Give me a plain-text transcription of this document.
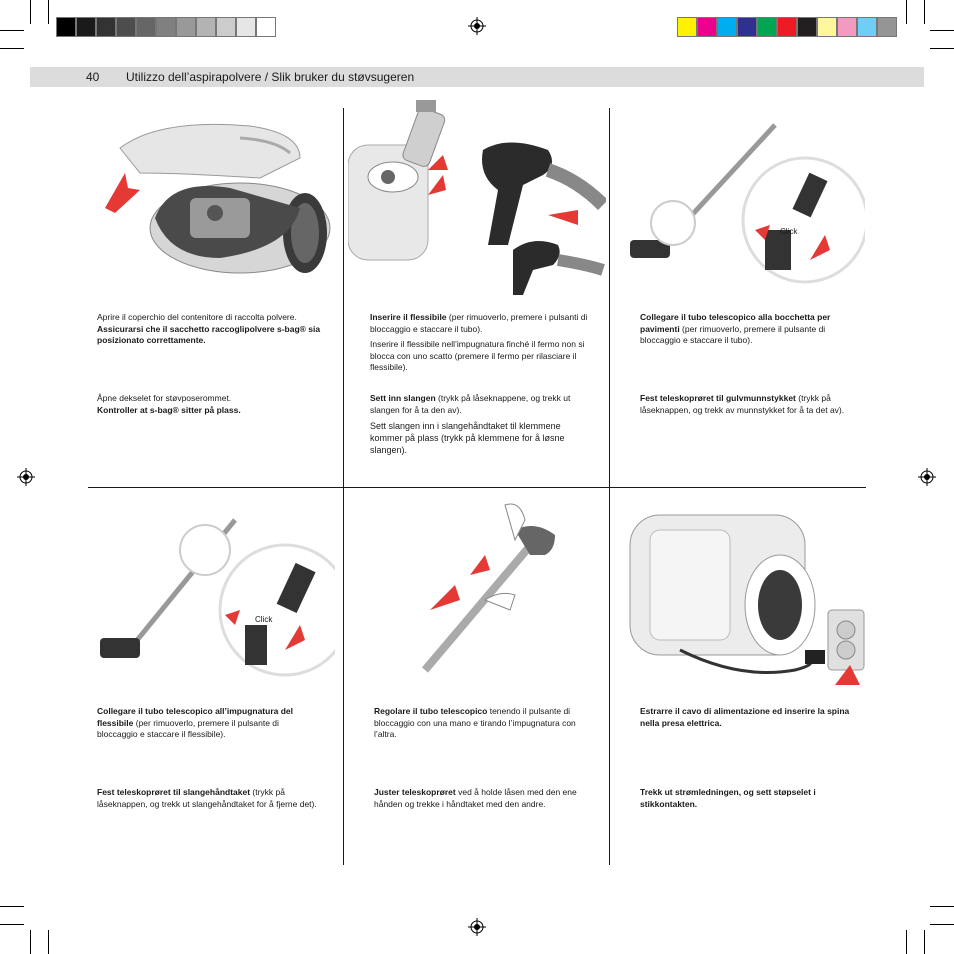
40 Utilizzo dell’aspirapolvere / Slik bruker du støvsugeren
Click
Click
Aprire il coperchio del contenitore di raccolta polvere.
Assicurarsi che il sacchetto raccoglipolvere s-bag® sia posizionato correttamente.
Åpne dekselet for støvposerommet.
Kontroller at s-bag® sitter på plass.

Inserire il flessibile (per rimuoverlo, premere i pulsanti di bloccaggio e staccare il tubo).

Inserire il flessibile nell’impugnatura finché il fermo non si blocca con uno scatto (premere il fermo per rilasciare il flessibile).

Sett inn slangen (trykk på låseknappene, og trekk ut slangen for å ta den av).

Sett slangen inn i slangehåndtaket til klemmene kommer på plass (trykk på klemmene for å løsne slangen).

Collegare il tubo telescopico alla bocchetta per pavimenti (per rimuoverlo, premere il pulsante di bloccaggio e staccare il tubo).
Fest teleskoprøret til gulvmunnstykket (trykk på låseknappen, og trekk av munnstykket for å ta det av).
Collegare il tubo telescopico all’impugnatura del flessibile (per rimuoverlo, premere il pulsante di bloccaggio e staccare il flessibile).
Fest teleskoprøret til slangehåndtaket (trykk på låseknappen, og trekk ut slangehåndtaket for å fjerne det).
Regolare il tubo telescopico tenendo il pulsante di bloccaggio con una mano e tirando l’impugnatura con l’altra.
Juster teleskoprøret ved å holde låsen med den ene hånden og trekke i håndtaket med den andre.
Estrarre il cavo di alimentazione ed inserire la spina nella presa elettrica.
Trekk ut strømledningen, og sett støpselet i stikkontakten.
